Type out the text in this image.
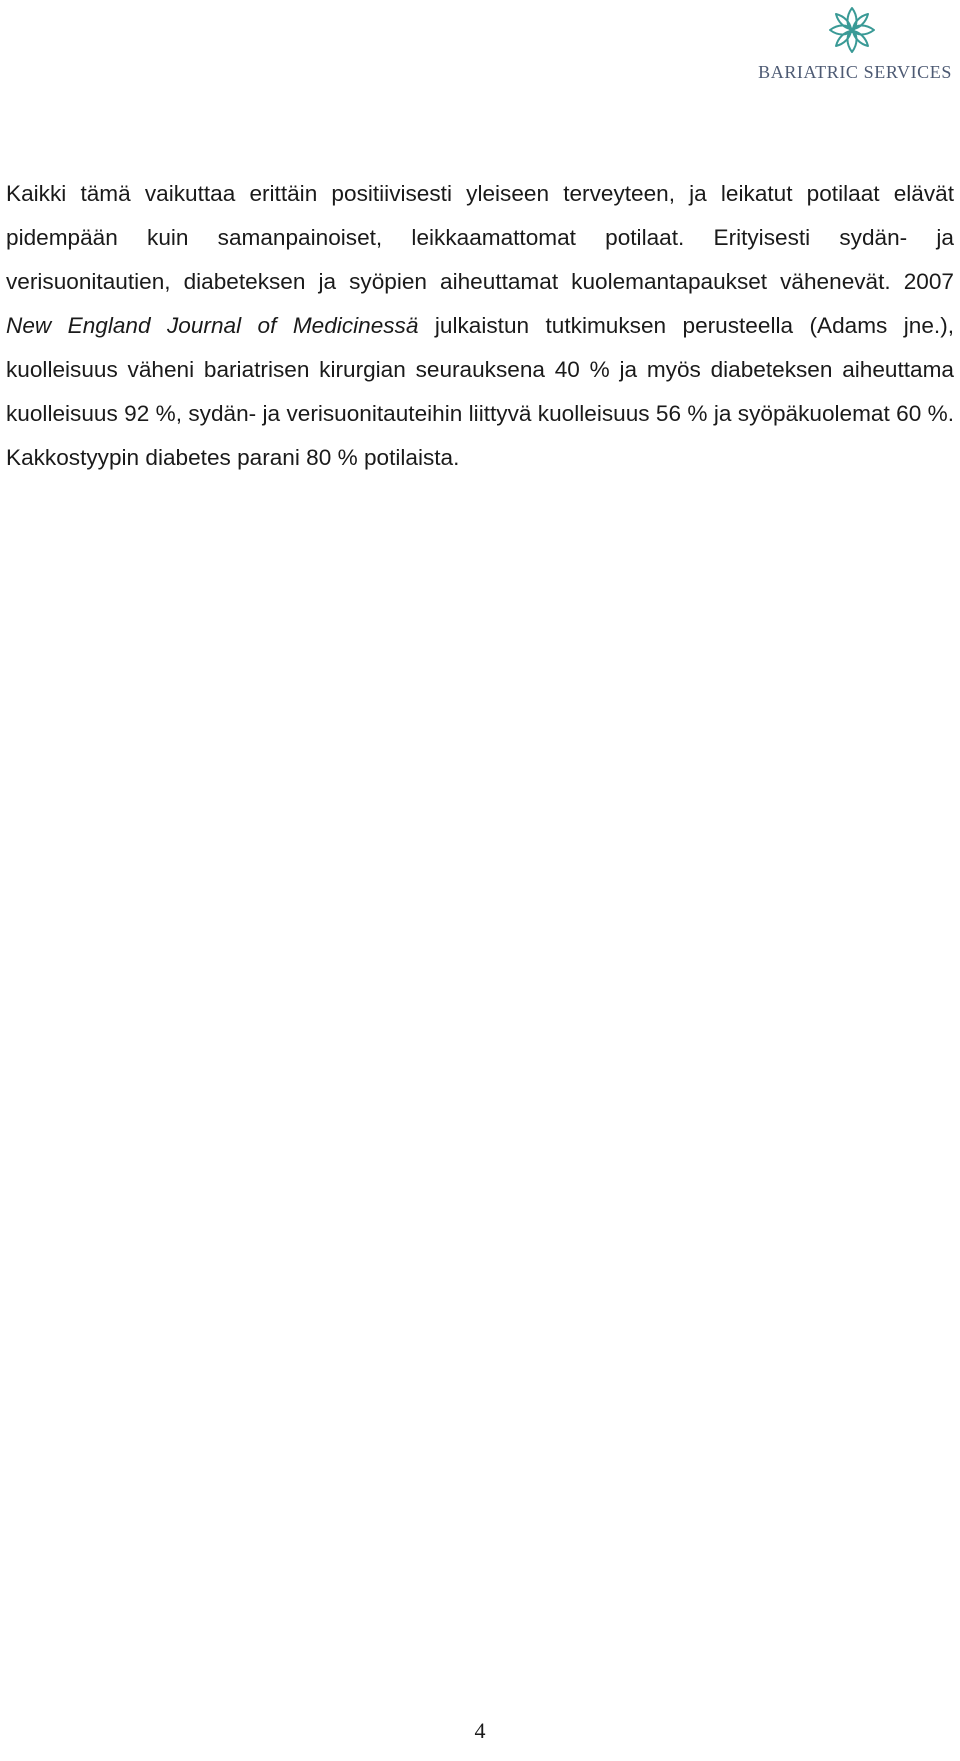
BARIATRIC SERVICES

Kaikki tämä vaikuttaa erittäin positiivisesti yleiseen terveyteen, ja leikatut potilaat elävät pidempään kuin samanpainoiset, leikkaamattomat potilaat. Erityisesti sydän- ja verisuonitautien, diabeteksen ja syöpien aiheuttamat kuolemantapaukset vähenevät. 2007 New England Journal of Medicinessä julkaistun tutkimuksen perusteella (Adams jne.), kuolleisuus väheni bariatrisen kirurgian seurauksena 40 % ja myös diabeteksen aiheuttama kuolleisuus 92 %, sydän- ja verisuonitauteihin liittyvä kuolleisuus 56 % ja syöpäkuolemat 60 %. Kakkostyypin diabetes parani 80 % potilaista.

4
